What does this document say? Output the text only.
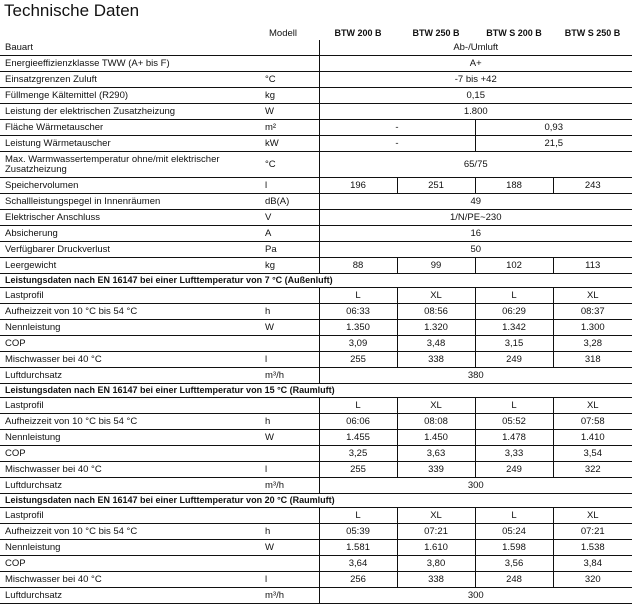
Technische Daten
	Modell	BTW 200 B	BTW 250 B	BTW S 200 B	BTW S 250 B
Bauart		Ab-/Umluft			
Energieeffizienzklasse TWW (A+ bis F)		A+			
Einsatzgrenzen Zuluft	°C	-7 bis +42			
Füllmenge Kältemittel (R290)	kg	0,15			
Leistung der elektrischen Zusatzheizung	W	1.800			
Fläche Wärmetauscher	m²	-		0,93	
Leistung Wärmetauscher	kW	-		21,5	
Max. Warmwassertemperatur ohne/mit elektrischer Zusatzheizung	°C	65/75			
Speichervolumen	l	196	251	188	243
Schallleistungspegel in Innenräumen	dB(A)	49			
Elektrischer Anschluss	V	1/N/PE~230			
Absicherung	A	16			
Verfügbarer Druckverlust	Pa	50			
Leergewicht	kg	88	99	102	113
Leistungsdaten nach EN 16147 bei einer Lufttemperatur von 7 °C (Außenluft)					
Lastprofil		L	XL	L	XL
Aufheizzeit von 10 °C bis 54 °C	h	06:33	08:56	06:29	08:37
Nennleistung	W	1.350	1.320	1.342	1.300
COP		3,09	3,48	3,15	3,28
Mischwasser bei 40 °C	l	255	338	249	318
Luftdurchsatz	m³/h	380			
Leistungsdaten nach EN 16147 bei einer Lufttemperatur von 15 °C (Raumluft)					
Lastprofil		L	XL	L	XL
Aufheizzeit von 10 °C bis 54 °C	h	06:06	08:08	05:52	07:58
Nennleistung	W	1.455	1.450	1.478	1.410
COP		3,25	3,63	3,33	3,54
Mischwasser bei 40 °C	l	255	339	249	322
Luftdurchsatz	m³/h	300			
Leistungsdaten nach EN 16147 bei einer Lufttemperatur von 20 °C (Raumluft)					
Lastprofil		L	XL	L	XL
Aufheizzeit von 10 °C bis 54 °C	h	05:39	07:21	05:24	07:21
Nennleistung	W	1.581	1.610	1.598	1.538
COP		3,64	3,80	3,56	3,84
Mischwasser bei 40 °C	l	256	338	248	320
Luftdurchsatz	m³/h	300			
